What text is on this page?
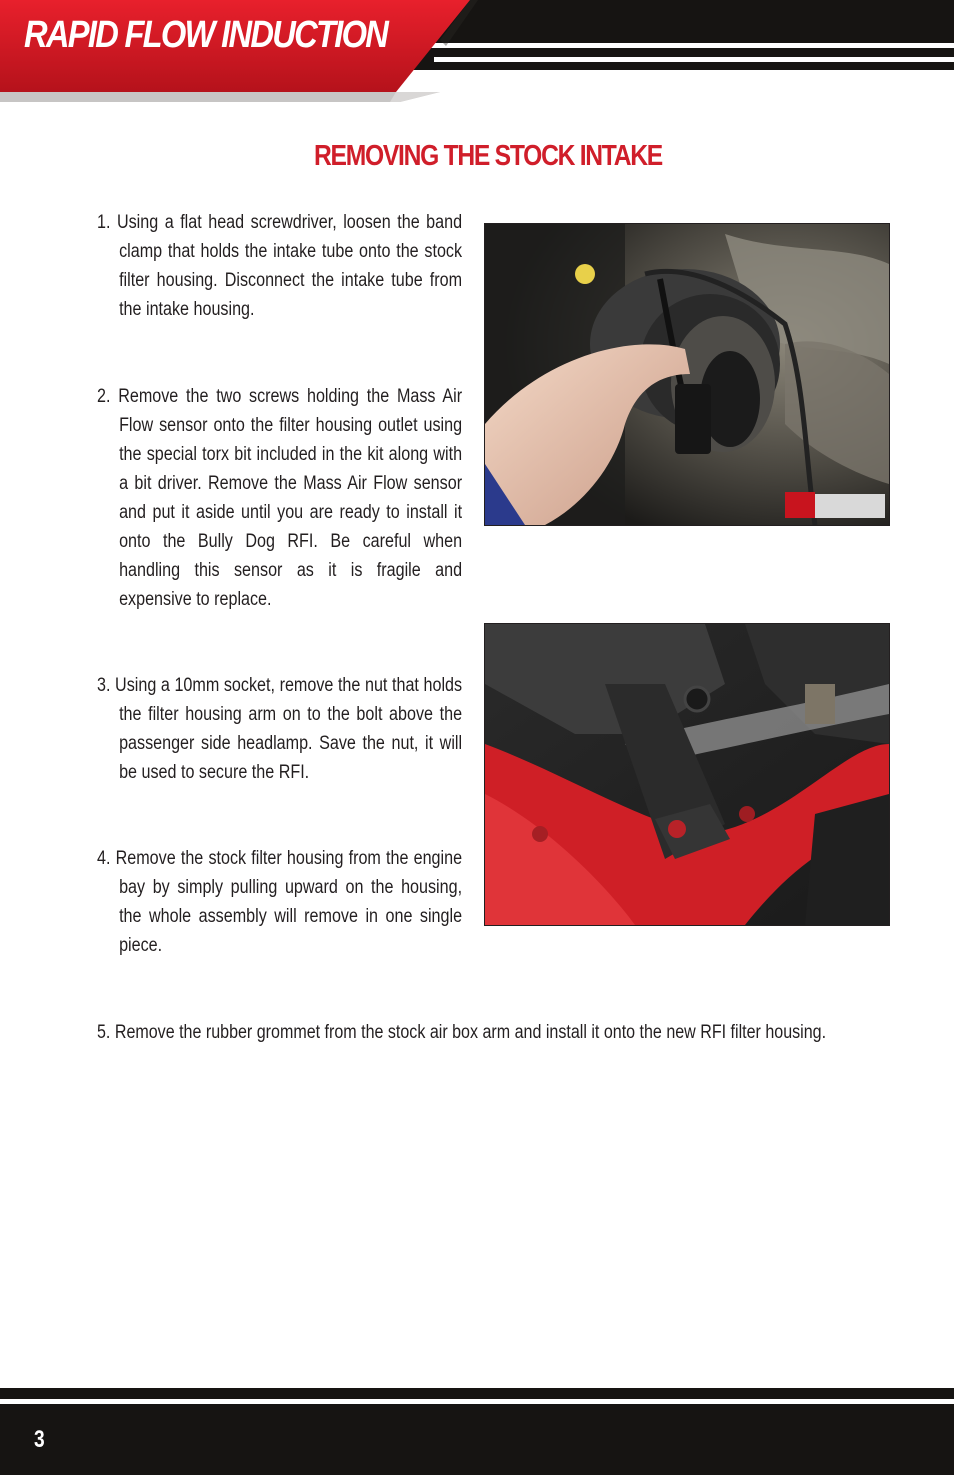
RAPID FLOW INDUCTION
REMOVING THE STOCK INTAKE

1. Using a flat head screwdriver, loosen the band clamp that holds the intake tube onto the stock filter housing. Disconnect the intake tube from the intake housing.

2. Remove the two screws holding the Mass Air Flow sensor onto the filter housing outlet using the special torx bit included in the kit along with a bit driver. Remove the Mass Air Flow sensor and put it aside until you are ready to install it onto the Bully Dog RFI. Be careful when handling this sensor as it is fragile and expensive to replace.

3. Using a 10mm socket, remove the nut that holds the filter housing arm on to the bolt above the passenger side headlamp. Save the nut, it will be used to secure the RFI.

4. Remove the stock filter housing from the engine bay by simply pulling upward on the housing, the whole assembly will remove in one single piece.

5. Remove the rubber grommet from the stock air box arm and install it onto the new RFI filter housing.

3
